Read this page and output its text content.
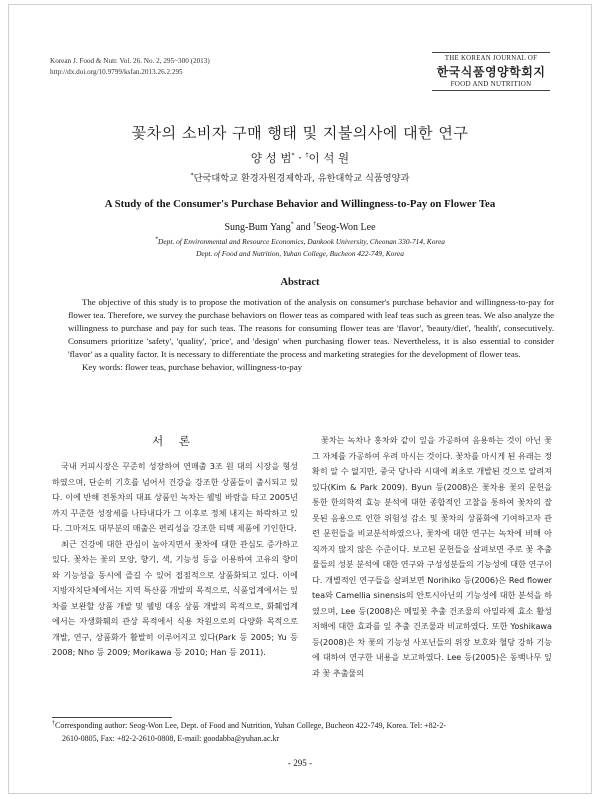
Korean J. Food & Nutr. Vol. 26. No. 2, 295~300 (2013)
http://dx.doi.org/10.9799/ksfan.2013.26.2.295
THE KOREAN JOURNAL OF
한국식품영양학회지
FOOD AND NUTRITION
꽃차의 소비자 구매 행태 및 지불의사에 대한 연구
양 성 범* · †이 석 원
*단국대학교 환경자원경제학과, 유한대학교 식품영양과
A Study of the Consumer's Purchase Behavior and Willingness-to-Pay on Flower Tea
Sung-Bum Yang* and †Seog-Won Lee
*Dept. of Environmental and Resource Economics, Dankook University, Cheonan 330-714, Korea
Dept. of Food and Nutrition, Yuhan College, Bucheon 422-749, Korea
Abstract

The objective of this study is to propose the motivation of the analysis on consumer's purchase behavior and willingness-to-pay for flower tea. Therefore, we survey the purchase behaviors on flower teas as compared with leaf teas such as green teas. We also analyze the willingness to purchase and pay for such teas. The reasons for consuming flower teas are 'flavor', 'beauty/diet', 'health', consecutively. Consumers prioritize 'safety', 'quality', 'price', and 'design' when purchasing flower teas. Nevertheless, it is also essential to consider 'flavor' as a quality factor. It is necessary to differentiate the process and marketing strategies for the development of flower teas.

Key words: flower teas, purchase behavior, willingness-to-pay

서 론

국내 커피시장은 꾸준히 성장하여 연매출 3조 원 대의 시장을 형성하였으며, 단순히 기호를 넘어서 건강을 강조한 상품들이 출시되고 있다. 이에 반해 전통차의 대표 상품인 녹차는 웰빙 바람을 타고 2005년까지 꾸준한 성장세를 나타내다가 그 이후로 정체 내지는 하락하고 있다. 그마저도 대부분의 매출은 편리성을 강조한 티백 제품에 기인한다.

최근 건강에 대한 관심이 높아지면서 꽃차에 대한 관심도 증가하고 있다. 꽃차는 꽃의 모양, 향기, 색, 기능성 등을 이용하여 고유의 향미와 기능성을 동시에 즐길 수 있어 접점적으로 상품화되고 있다. 이에 지방자치단체에서는 지역 특산품 개발의 목적으로, 식품업계에서는 잎차를 보완할 상품 개발 및 웰빙 대응 상품 개발의 목적으로, 화훼업계에서는 자생화훼의 관상 목적에서 식용 차원으로의 다양화 목적으로 개발, 연구, 상품화가 활발히 이루어지고 있다(Park 등 2005; Yu 등 2008; Nho 등 2009; Morikawa 등 2010; Han 등 2011).

꽃차는 녹차나 홍차와 같이 잎을 가공하여 음용하는 것이 아닌 꽃 그 자체를 가공하여 우려 마시는 것이다. 꽃차를 마시게 된 유래는 정확히 알 수 없지만, 중국 당나라 시대에 최초로 개발된 것으로 알려져 있다(Kim & Park 2009). Byun 등(2008)은 꽃차용 꽃의 문헌을 통한 한의학적 효능 분석에 대한 종합적인 고찰을 통하여 꽃차의 잘못된 음용으로 인한 위험성 감소 및 꽃차의 상품화에 기여하고자 관련 문헌들을 비교분석하였으나, 꽃차에 대한 연구는 녹차에 비해 아직까지 많지 않은 수준이다. 보고된 문헌들을 살펴보면 주로 꽃 추출물들의 성분 분석에 대한 연구와 구성성분들의 기능성에 대한 연구이다. 개별적인 연구들을 살펴보면 Norihiko 등(2006)은 Red flower tea와 Camellia sinensis의 안토시아닌의 기능성에 대한 분석을 하였으며, Lee 등(2008)은 메밀꽃 추출 건조물의 아밀라제 효소 활성 저해에 대한 효과를 잎 추출 건조물과 비교하였다. 또한 Yoshikawa 등(2008)은 차 꽃의 기능성 사포닌들의 위장 보호와 혈당 강하 기능에 대하여 연구한 내용을 보고하였다. Lee 등(2005)은 동백나무 잎과 꽃 추출물의

†Corresponding author: Seog-Won Lee, Dept. of Food and Nutrition, Yuhan College, Bucheon 422-749, Korea. Tel: +82-2-
2610-0805, Fax: +82-2-2610-0808, E-mail: goodabba@yuhan.ac.kr
- 295 -
